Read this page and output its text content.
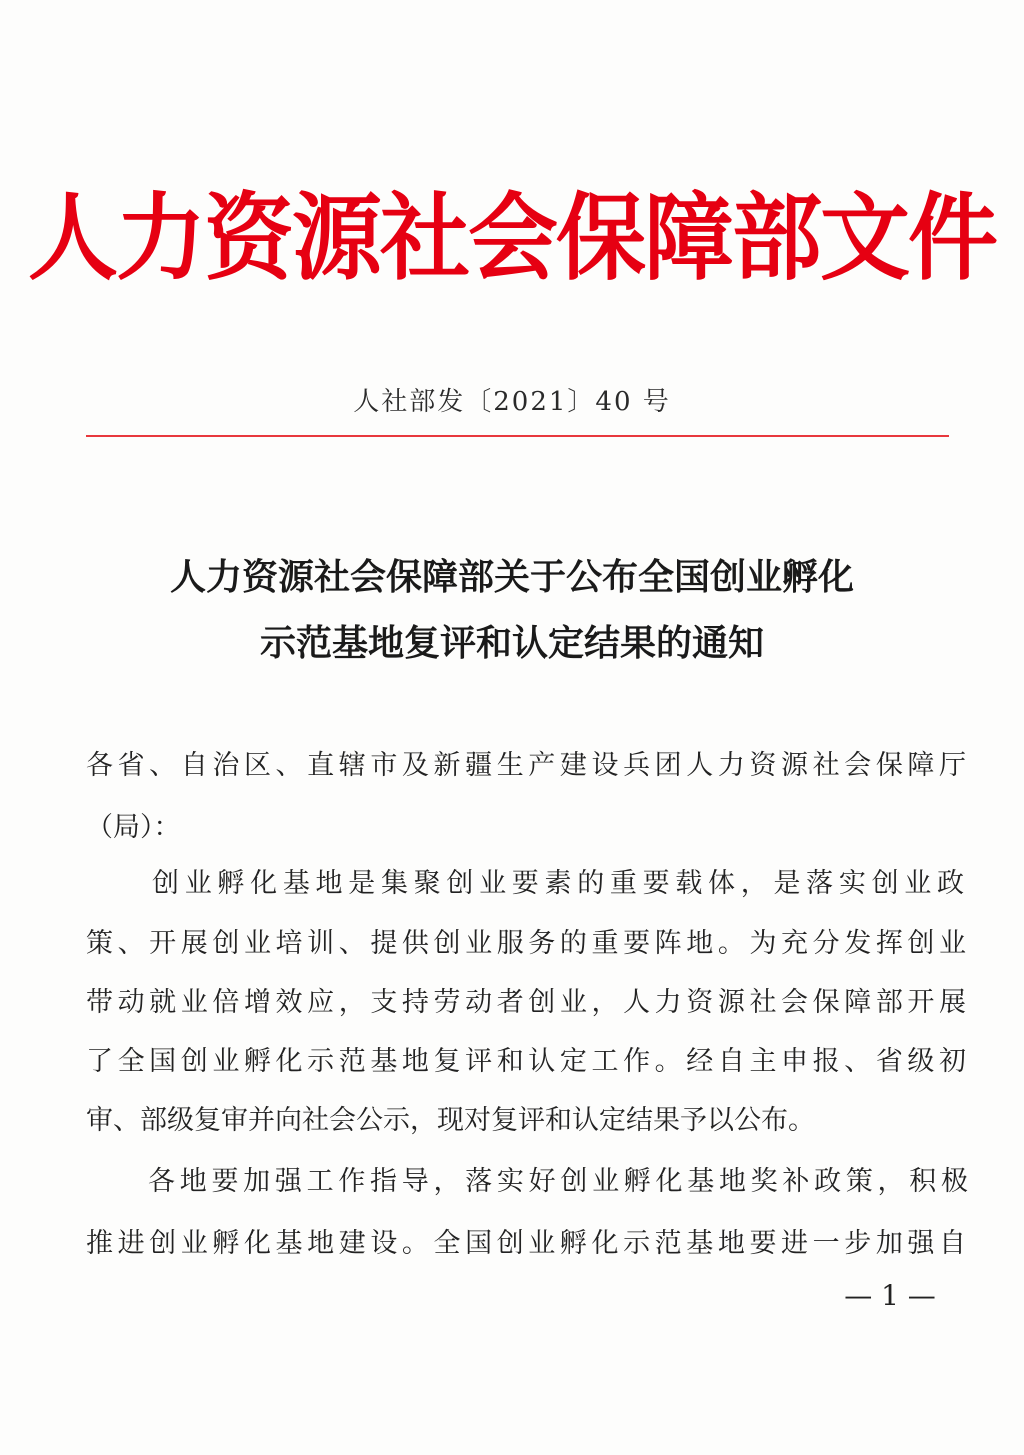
人力资源社会保障部文件
人社部发〔2021〕40 号
人力资源社会保障部关于公布全国创业孵化
示范基地复评和认定结果的通知
各省、自治区、直辖市及新疆生产建设兵团人力资源社会保障厅
（局）：
创业孵化基地是集聚创业要素的重要载体，是落实创业政
策、开展创业培训、提供创业服务的重要阵地。为充分发挥创业
带动就业倍增效应，支持劳动者创业，人力资源社会保障部开展
了全国创业孵化示范基地复评和认定工作。经自主申报、省级初
审、部级复审并向社会公示，现对复评和认定结果予以公布。
各地要加强工作指导，落实好创业孵化基地奖补政策，积极
推进创业孵化基地建设。全国创业孵化示范基地要进一步加强自
— 1 —
